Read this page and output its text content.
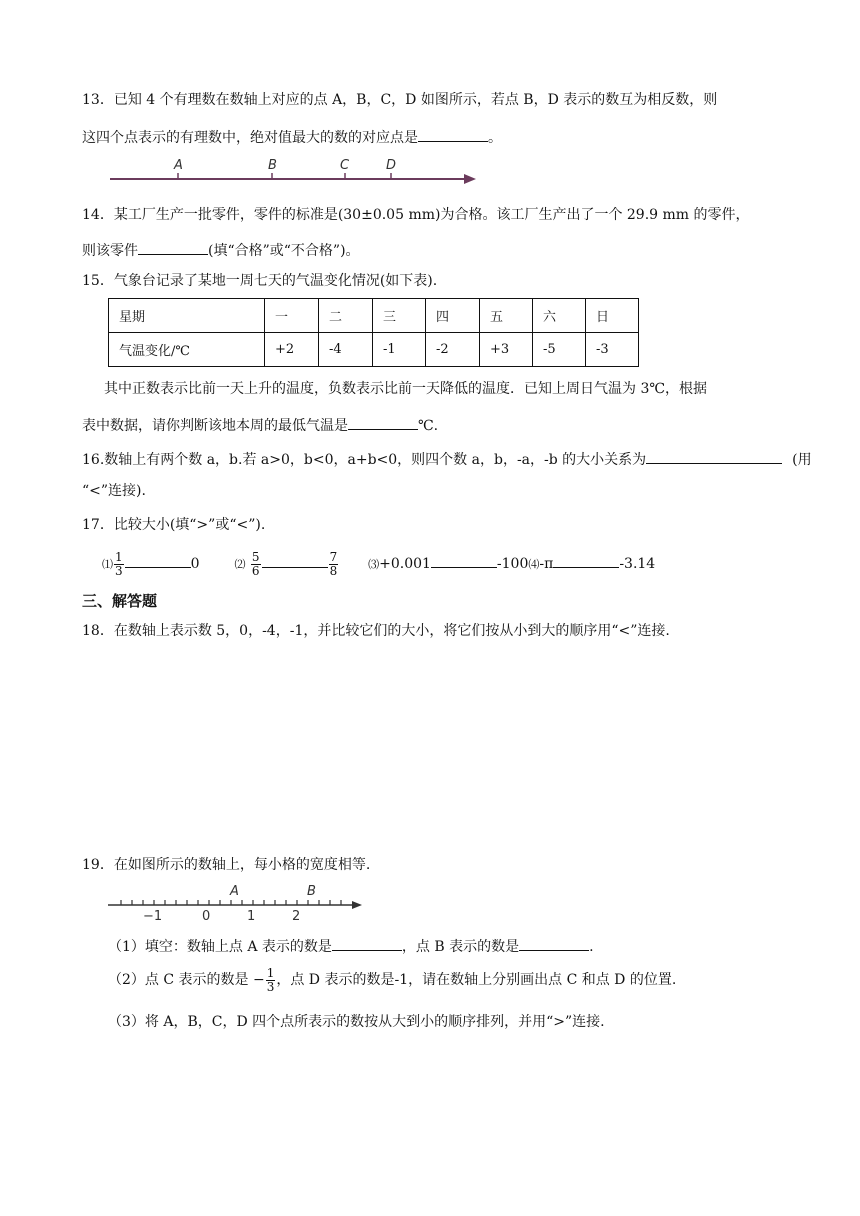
13．已知 4 个有理数在数轴上对应的点 A，B，C，D 如图所示，若点 B，D 表示的数互为相反数，则
这四个点表示的有理数中，绝对值最大的数的对应点是	。
A	B	C	D
14．某工厂生产一批零件，零件的标准是(30±0.05 mm)为合格。该工厂生产出了一个 29.9 mm 的零件，
则该零件	(填“合格”或“不合格”)。
15．气象台记录了某地一周七天的气温变化情况(如下表).
星期	一	二	三	四	五	六	日
气温变化/℃	+2	-4	-1	-2	+3	-5	-3
其中正数表示比前一天上升的温度，负数表示比前一天降低的温度．已知上周日气温为 3℃，根据
表中数据，请你判断该地本周的最低气温是	℃.
16.数轴上有两个数 a，b.若 a>0，b<0，a+b<0，则四个数 a，b，-a，-b 的大小关系为	(用
“<”连接).
17．比较大小(填“>”或“<”).
⑴ $\frac{1}{3}$	0	⑵ $\frac{5}{6}$	$\frac{7}{8}$	⑶+0.001	-100⑷-π	-3.14
三、解答题
18．在数轴上表示数 5，0，-4，-1，并比较它们的大小，将它们按从小到大的顺序用“<”连接.
19．在如图所示的数轴上，每小格的宽度相等.
A	B
−1	0	1	2
（1）填空：数轴上点 A 表示的数是	，点 B 表示的数是	.
（2）点 C 表示的数是 − $\frac{1}{3}$ ，点 D 表示的数是-1，请在数轴上分别画出点 C 和点 D 的位置.
（3）将 A，B，C，D 四个点所表示的数按从大到小的顺序排列，并用“>”连接.
